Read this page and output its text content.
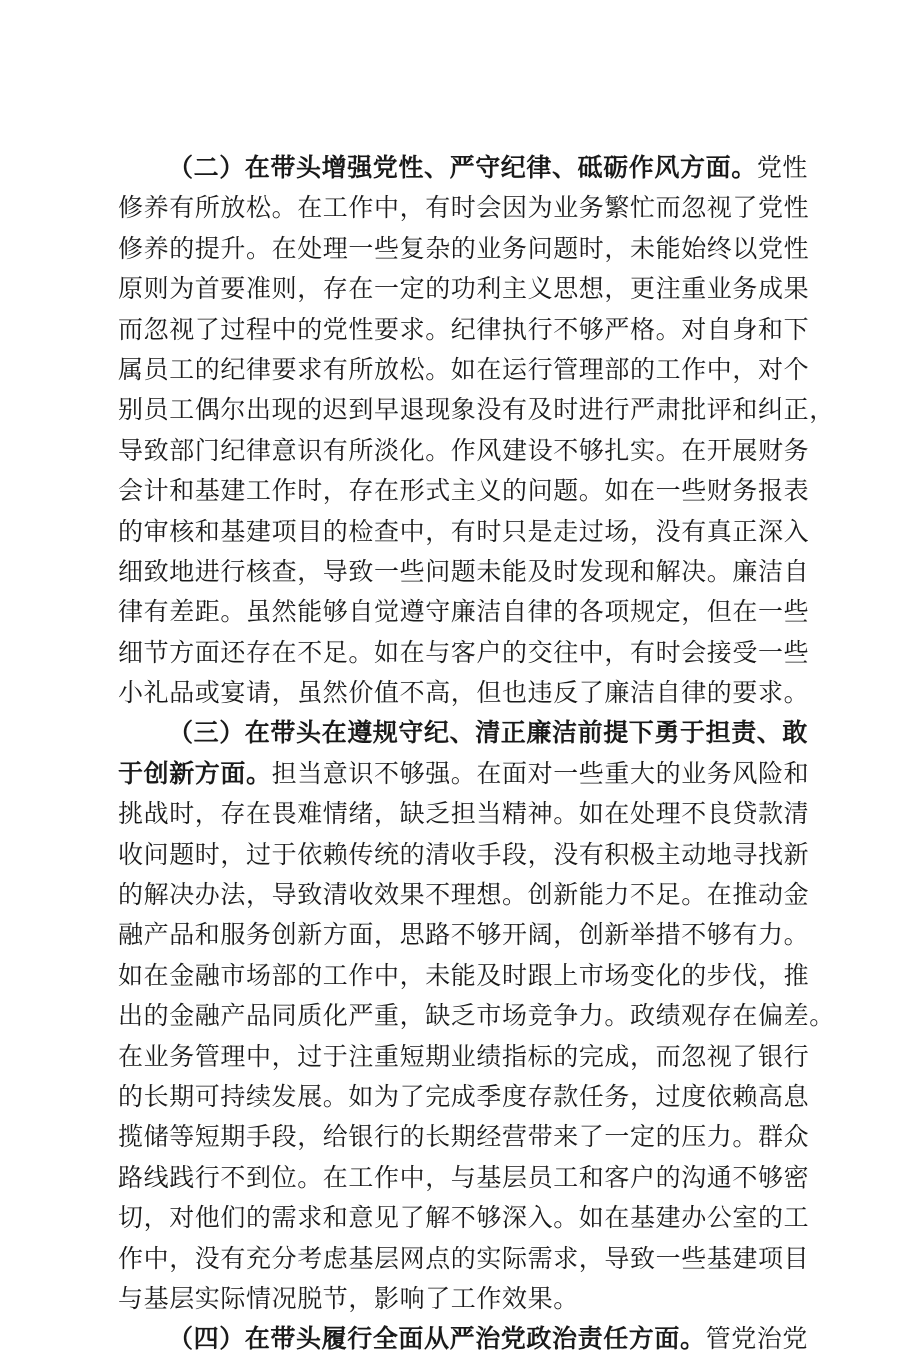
（二）在带头增强党性、严守纪律、砥砺作风方面。党性
修养有所放松。在工作中，有时会因为业务繁忙而忽视了党性
修养的提升。在处理一些复杂的业务问题时，未能始终以党性
原则为首要准则，存在一定的功利主义思想，更注重业务成果
而忽视了过程中的党性要求。纪律执行不够严格。对自身和下
属员工的纪律要求有所放松。如在运行管理部的工作中，对个
别员工偶尔出现的迟到早退现象没有及时进行严肃批评和纠正，
导致部门纪律意识有所淡化。作风建设不够扎实。在开展财务
会计和基建工作时，存在形式主义的问题。如在一些财务报表
的审核和基建项目的检查中，有时只是走过场，没有真正深入
细致地进行核查，导致一些问题未能及时发现和解决。廉洁自
律有差距。虽然能够自觉遵守廉洁自律的各项规定，但在一些
细节方面还存在不足。如在与客户的交往中，有时会接受一些
小礼品或宴请，虽然价值不高，但也违反了廉洁自律的要求。
（三）在带头在遵规守纪、清正廉洁前提下勇于担责、敢
于创新方面。担当意识不够强。在面对一些重大的业务风险和
挑战时，存在畏难情绪，缺乏担当精神。如在处理不良贷款清
收问题时，过于依赖传统的清收手段，没有积极主动地寻找新
的解决办法，导致清收效果不理想。创新能力不足。在推动金
融产品和服务创新方面，思路不够开阔，创新举措不够有力。
如在金融市场部的工作中，未能及时跟上市场变化的步伐，推
出的金融产品同质化严重，缺乏市场竞争力。政绩观存在偏差。
在业务管理中，过于注重短期业绩指标的完成，而忽视了银行
的长期可持续发展。如为了完成季度存款任务，过度依赖高息
揽储等短期手段，给银行的长期经营带来了一定的压力。群众
路线践行不到位。在工作中，与基层员工和客户的沟通不够密
切，对他们的需求和意见了解不够深入。如在基建办公室的工
作中，没有充分考虑基层网点的实际需求，导致一些基建项目
与基层实际情况脱节，影响了工作效果。
（四）在带头履行全面从严治党政治责任方面。管党治党
